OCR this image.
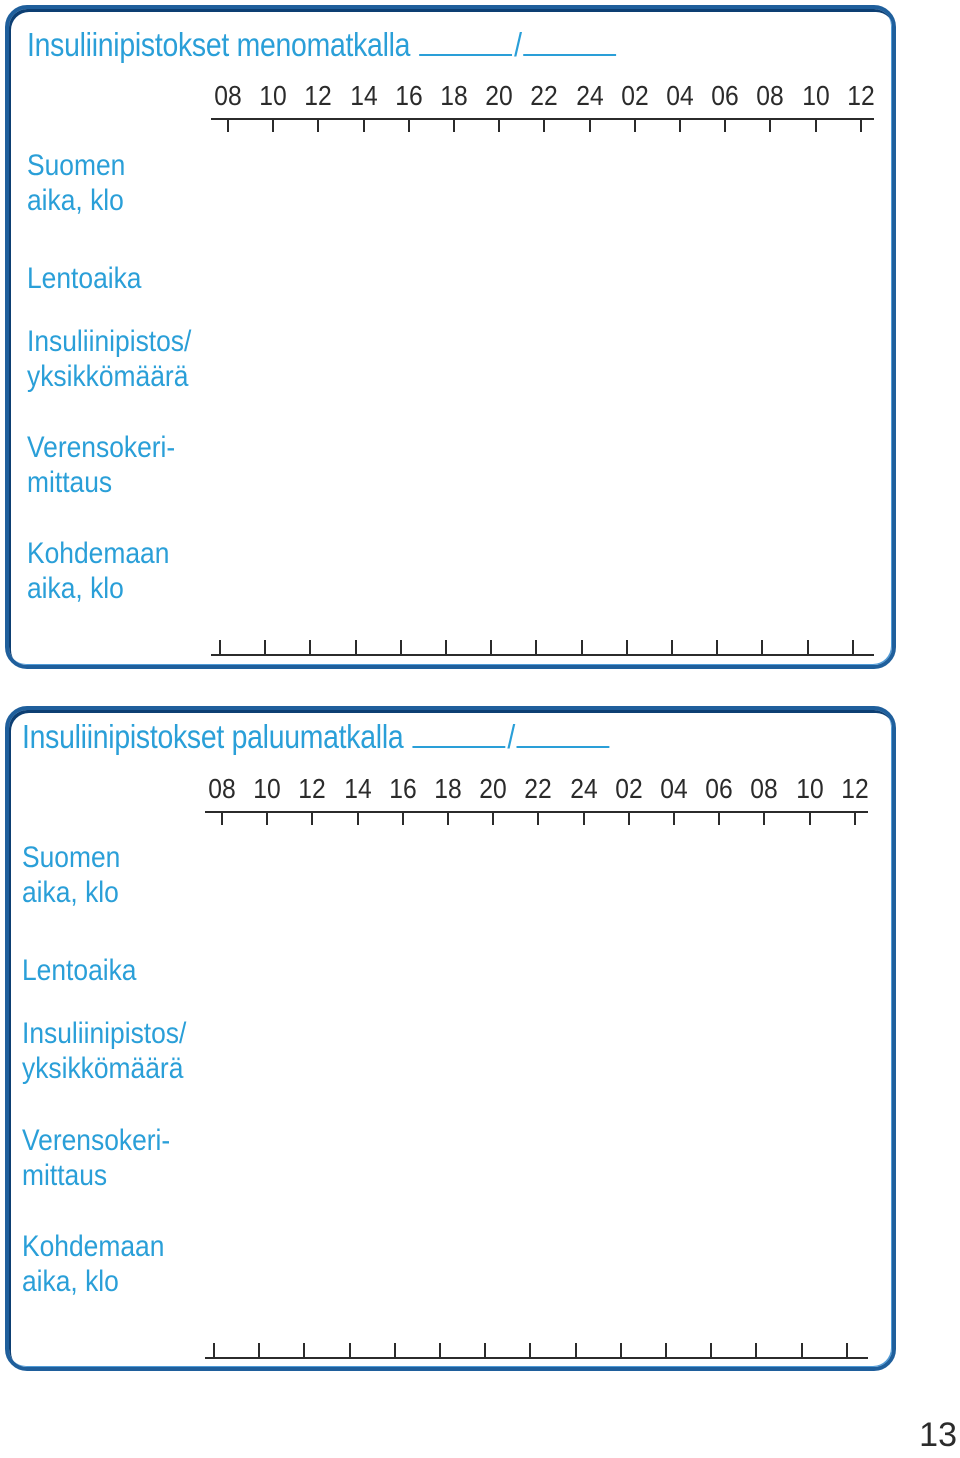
Insuliinipistokset menomatkalla	/
08 10 12 14 16 18 20 22 24 02 04 06 08 10 12
Suomen
aika, klo
Lentoaika
Insuliinipistos/
yksikkömäärä
Verensokeri-
mittaus
Kohdemaan
aika, klo
Insuliinipistokset paluumatkalla	/
08 10 12 14 16 18 20 22 24 02 04 06 08 10 12
Suomen
aika, klo
Lentoaika
Insuliinipistos/
yksikkömäärä
Verensokeri-
mittaus
Kohdemaan
aika, klo
13
